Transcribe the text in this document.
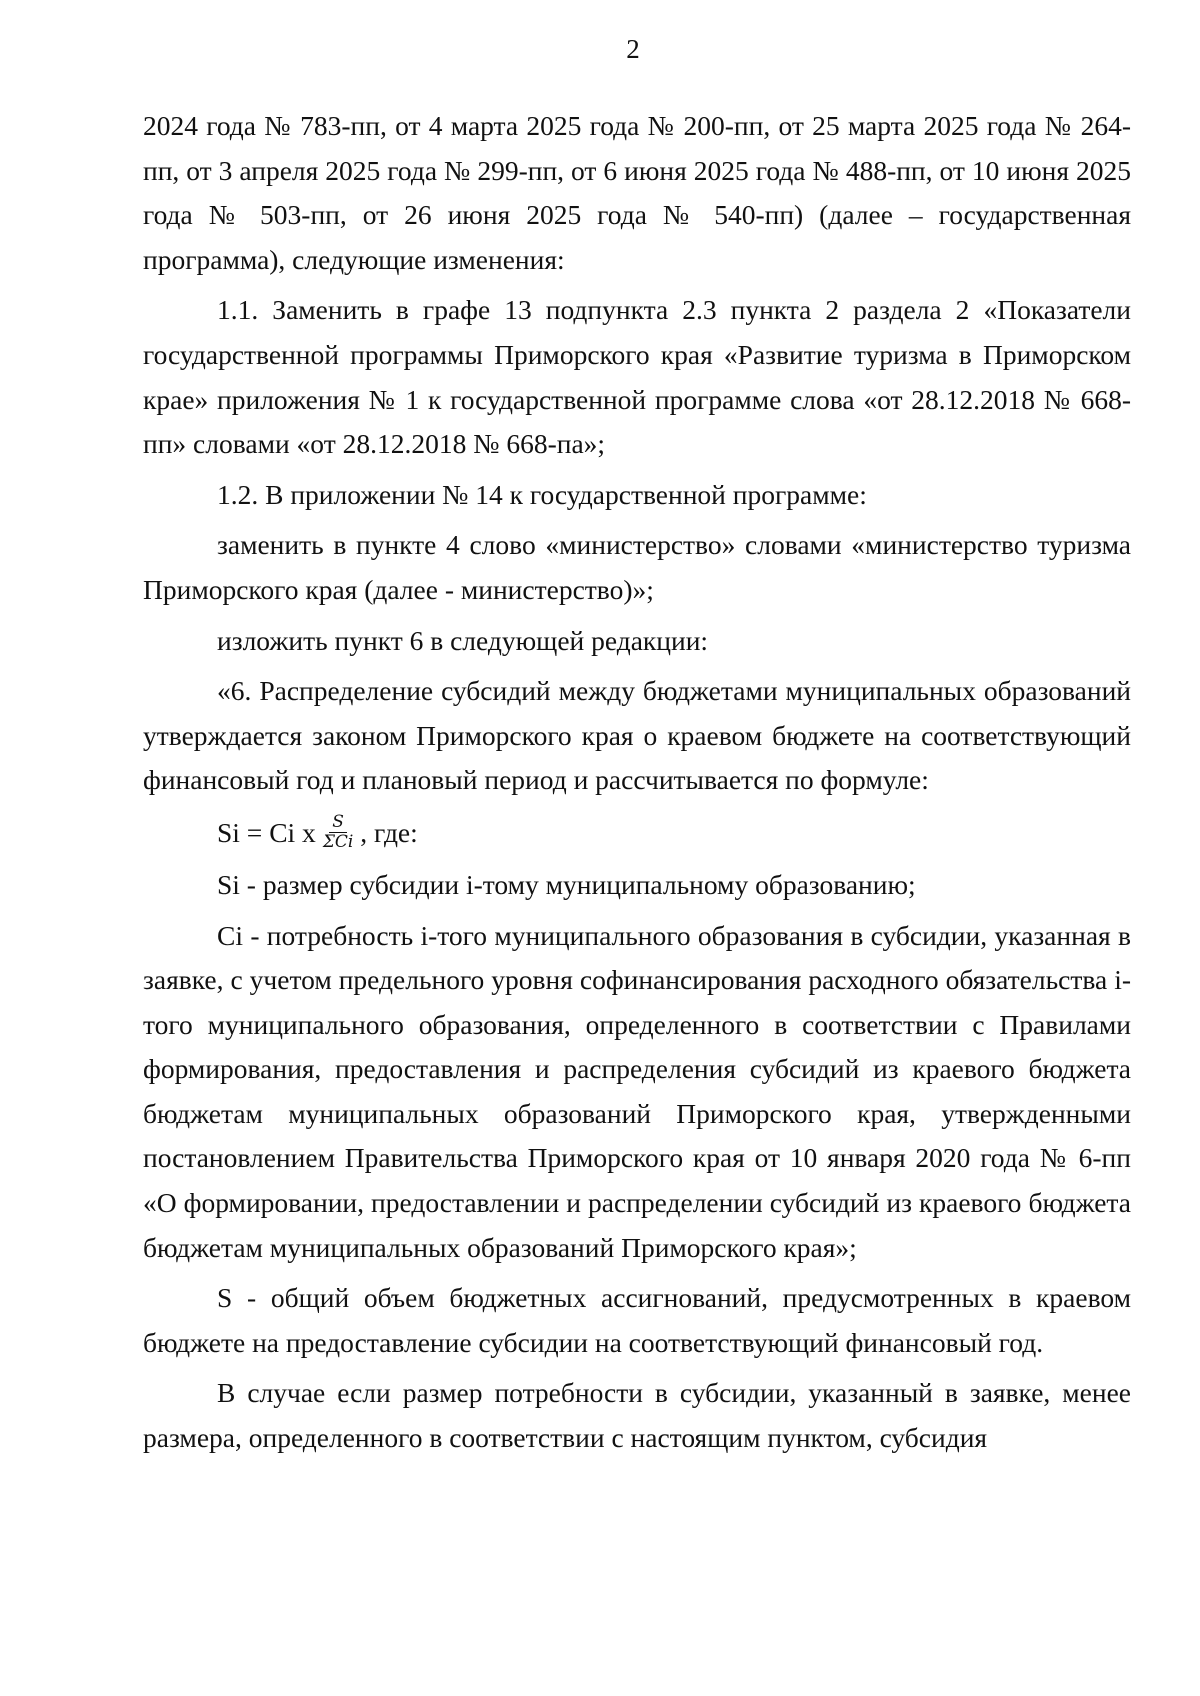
2

2024 года № 783-пп, от 4 марта 2025 года № 200-пп, от 25 марта 2025 года № 264-пп, от 3 апреля 2025 года № 299-пп, от 6 июня 2025 года № 488-пп, от 10 июня 2025 года № 503-пп, от 26 июня 2025 года № 540-пп) (далее – государственная программа), следующие изменения:

1.1. Заменить в графе 13 подпункта 2.3 пункта 2 раздела 2 «Показатели государственной программы Приморского края «Развитие туризма в Приморском крае» приложения № 1 к государственной программе слова «от 28.12.2018 № 668-пп» словами «от 28.12.2018 № 668-па»;

1.2. В приложении № 14 к государственной программе:

заменить в пункте 4 слово «министерство» словами «министерство туризма Приморского края (далее - министерство)»;

изложить пункт 6 в следующей редакции:

«6. Распределение субсидий между бюджетами муниципальных образований утверждается законом Приморского края о краевом бюджете на соответствующий финансовый год и плановый период и рассчитывается по формуле:

Si = Ci x $\frac{S}{\text{ΣCi}}$ , где:

Si - размер субсидии i-тому муниципальному образованию;

Ci - потребность i-того муниципального образования в субсидии, указанная в заявке, с учетом предельного уровня софинансирования расходного обязательства i-того муниципального образования, определенного в соответствии с Правилами формирования, предоставления и распределения субсидий из краевого бюджета бюджетам муниципальных образований Приморского края, утвержденными постановлением Правительства Приморского края от 10 января 2020 года № 6-пп «О формировании, предоставлении и распределении субсидий из краевого бюджета бюджетам муниципальных образований Приморского края»;

S - общий объем бюджетных ассигнований, предусмотренных в краевом бюджете на предоставление субсидии на соответствующий финансовый год.

В случае если размер потребности в субсидии, указанный в заявке, менее размера, определенного в соответствии с настоящим пунктом, субсидия
